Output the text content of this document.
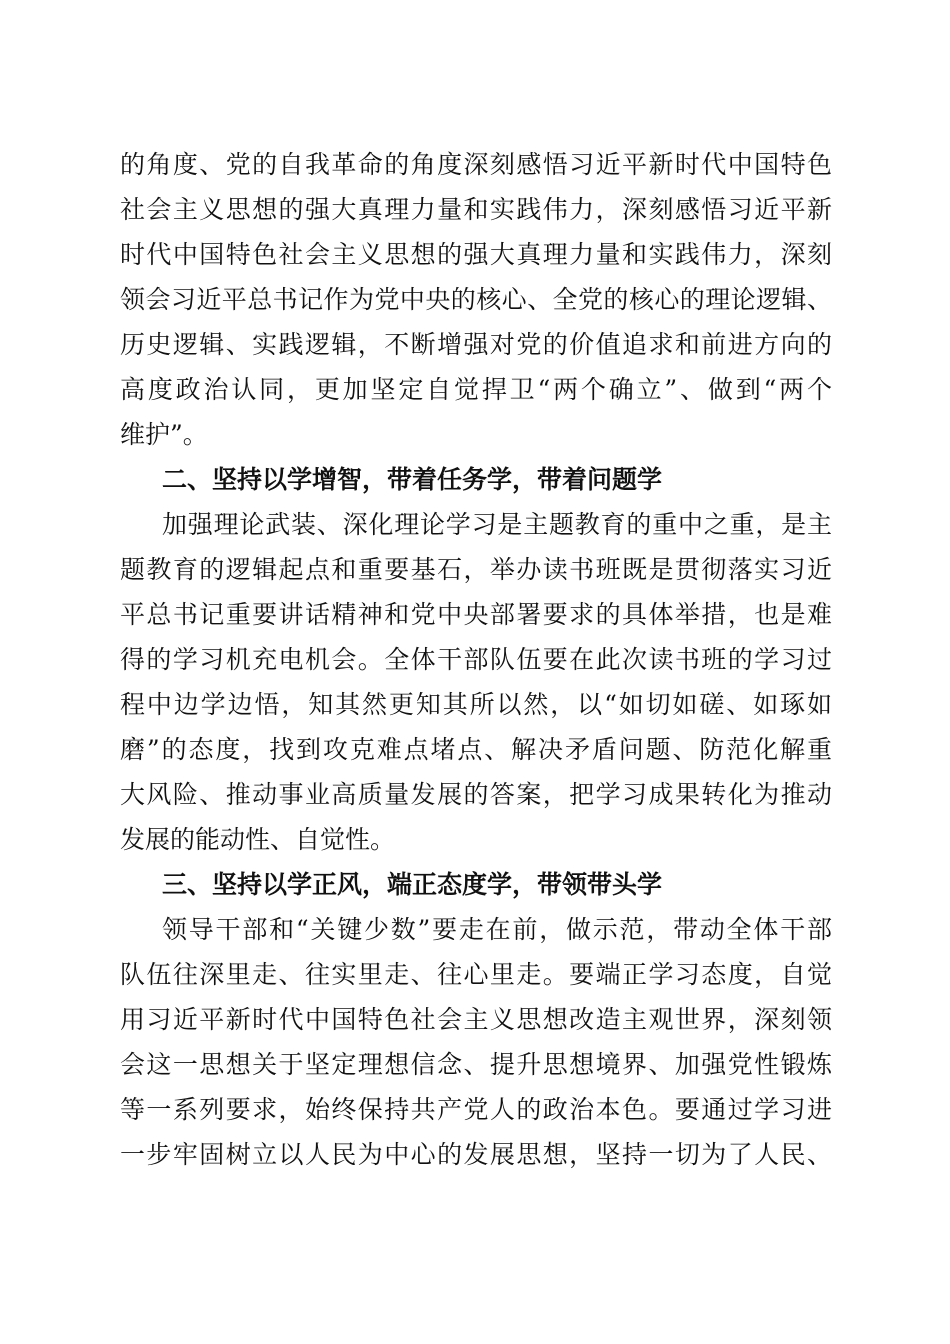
的角度、党的自我革命的角度深刻感悟习近平新时代中国特色
社会主义思想的强大真理力量和实践伟力，深刻感悟习近平新
时代中国特色社会主义思想的强大真理力量和实践伟力，深刻
领会习近平总书记作为党中央的核心、全党的核心的理论逻辑、
历史逻辑、实践逻辑，不断增强对党的价值追求和前进方向的
高度政治认同，更加坚定自觉捍卫“两个确立”、做到“两个
维护”。
二、坚持以学增智，带着任务学，带着问题学
加强理论武装、深化理论学习是主题教育的重中之重，是主
题教育的逻辑起点和重要基石，举办读书班既是贯彻落实习近
平总书记重要讲话精神和党中央部署要求的具体举措，也是难
得的学习机充电机会。全体干部队伍要在此次读书班的学习过
程中边学边悟，知其然更知其所以然，以“如切如磋、如琢如
磨”的态度，找到攻克难点堵点、解决矛盾问题、防范化解重
大风险、推动事业高质量发展的答案，把学习成果转化为推动
发展的能动性、自觉性。
三、坚持以学正风，端正态度学，带领带头学
领导干部和“关键少数”要走在前，做示范，带动全体干部
队伍往深里走、往实里走、往心里走。要端正学习态度，自觉
用习近平新时代中国特色社会主义思想改造主观世界，深刻领
会这一思想关于坚定理想信念、提升思想境界、加强党性锻炼
等一系列要求，始终保持共产党人的政治本色。要通过学习进
一步牢固树立以人民为中心的发展思想，坚持一切为了人民、
